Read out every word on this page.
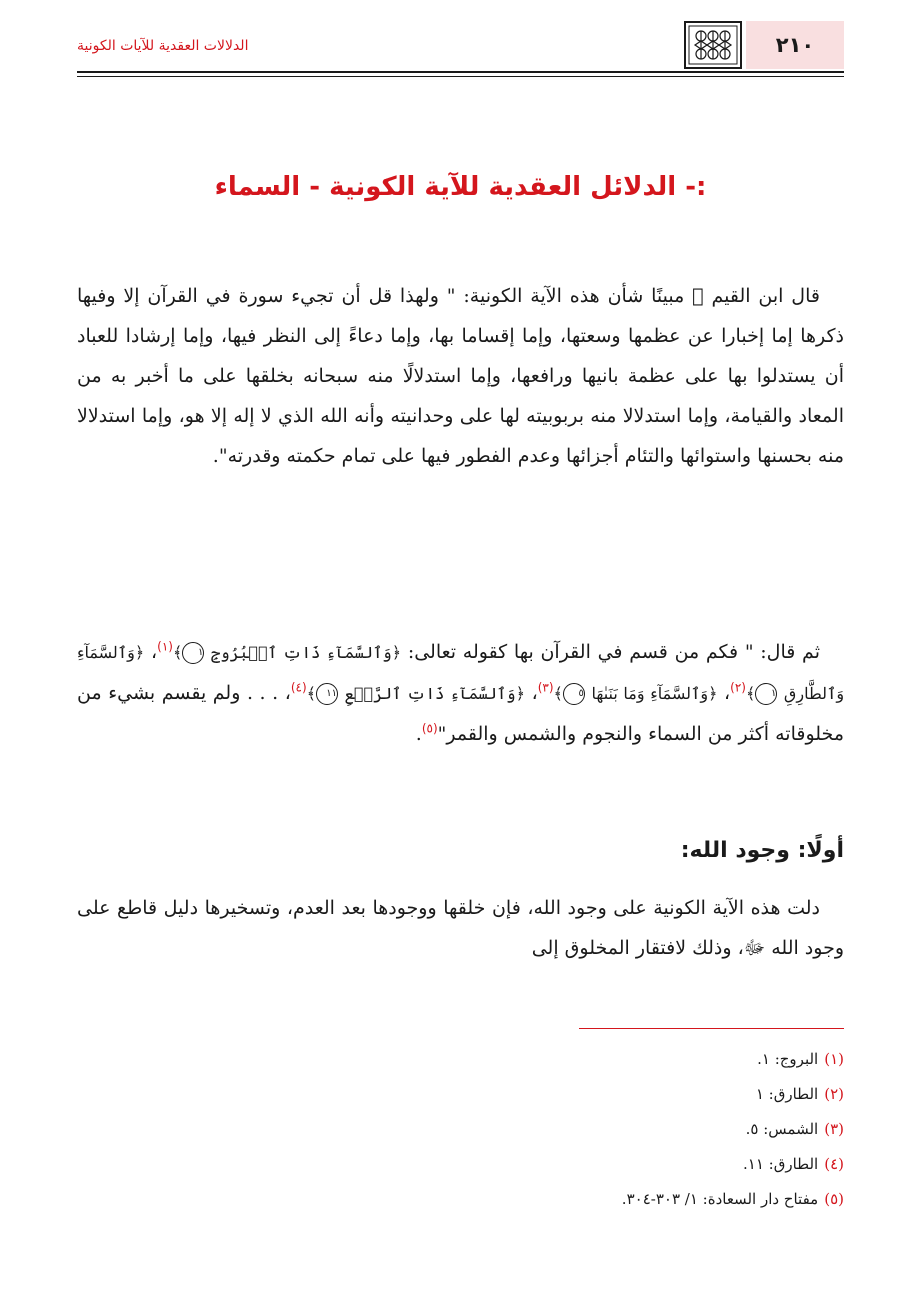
الدلالات العقدية للآيات الكونية	٢١٠
الدلائل العقدية للآية الكونية - السماء -:
قال ابن القيم ﷬ مبينًا شأن هذه الآية الكونية: " ولهذا قل أن تجيء سورة في القرآن إلا وفيها ذكرها إما إخبارا عن عظمها وسعتها، وإما إقساما بها، وإما دعاءً إلى النظر فيها، وإما إرشادا للعباد أن يستدلوا بها على عظمة بانيها ورافعها، وإما استدلالًا منه سبحانه بخلقها على ما أخبر به من المعاد والقيامة، وإما استدلالا منه بربوبيته لها على وحدانيته وأنه الله الذي لا إله إلا هو، وإما استدلالا منه بحسنها واستوائها والتئام أجزائها وعدم الفطور فيها على تمام حكمته وقدرته".
ثم قال: " فكم من قسم في القرآن بها كقوله تعالى: ﴿وَٱلسَّمَآءِ ذَاتِ ٱلۡبُرُوجِ ١﴾$^{(١)}$، ﴿وَٱلسَّمَآءِ وَٱلطَّارِقِ ١﴾$^{(٢)}$، ﴿وَٱلسَّمَآءِ وَمَا بَنَىٰهَا ٥﴾$^{(٣)}$، ﴿وَٱلسَّمَآءِ ذَاتِ ٱلرَّجۡعِ ١١﴾$^{(٤)}$، . . . ولم يقسم بشيء من مخلوقاته أكثر من السماء والنجوم والشمس والقمر"$^{(٥)}$.
أولًا: وجود الله:
دلت هذه الآية الكونية على وجود الله، فإن خلقها ووجودها بعد العدم، وتسخيرها دليل قاطع على وجود الله ﷻ، وذلك لافتقار المخلوق إلى
(١)البروج: ١.
(٢)الطارق: ١
(٣)الشمس: ٥.
(٤)الطارق: ١١.
(٥)مفتاح دار السعادة: ١/ ٣٠٣-٣٠٤.
